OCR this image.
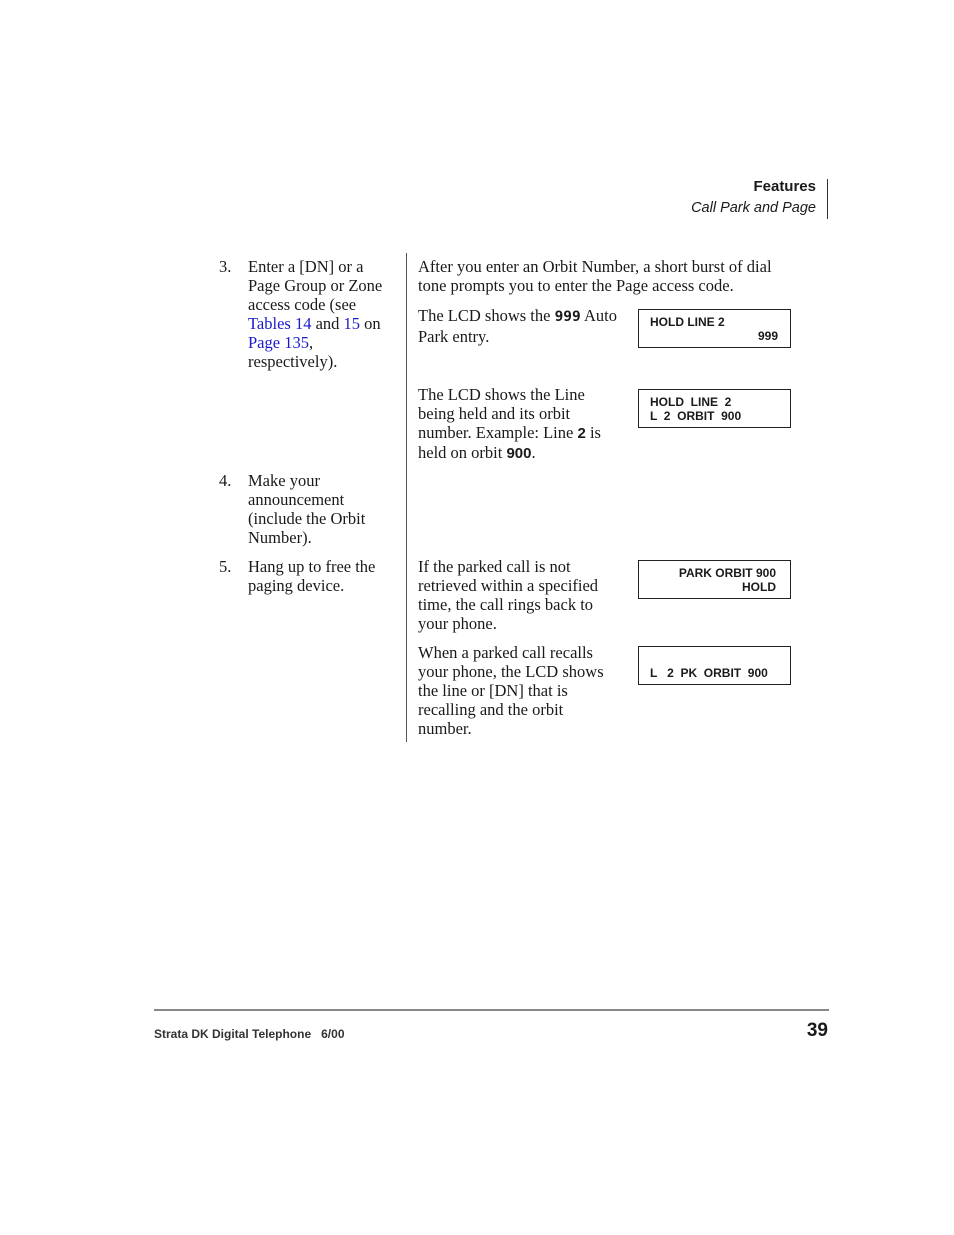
Features
Call Park and Page
3.	Enter a [DN] or a Page Group or Zone access code (see Tables 14 and 15 on
Page 135, respectively).
4.	Make your announcement (include the Orbit Number).
5.	Hang up to free the paging device.
After you enter an Orbit Number, a short burst of dial tone prompts you to enter the Page access code.
The LCD shows the 999 Auto Park entry.
The LCD shows the Line being held and its orbit number. Example: Line 2 is held on orbit 900.
If the parked call is not retrieved within a specified time, the call rings back to your phone.
When a parked call recalls your phone, the LCD shows the line or [DN] that is recalling and the orbit number.
HOLD LINE 2
999
HOLD  LINE  2
L  2  ORBIT  900
PARK ORBIT 900
HOLD
L   2  PK  ORBIT  900
Strata DK Digital Telephone   6/00	39
